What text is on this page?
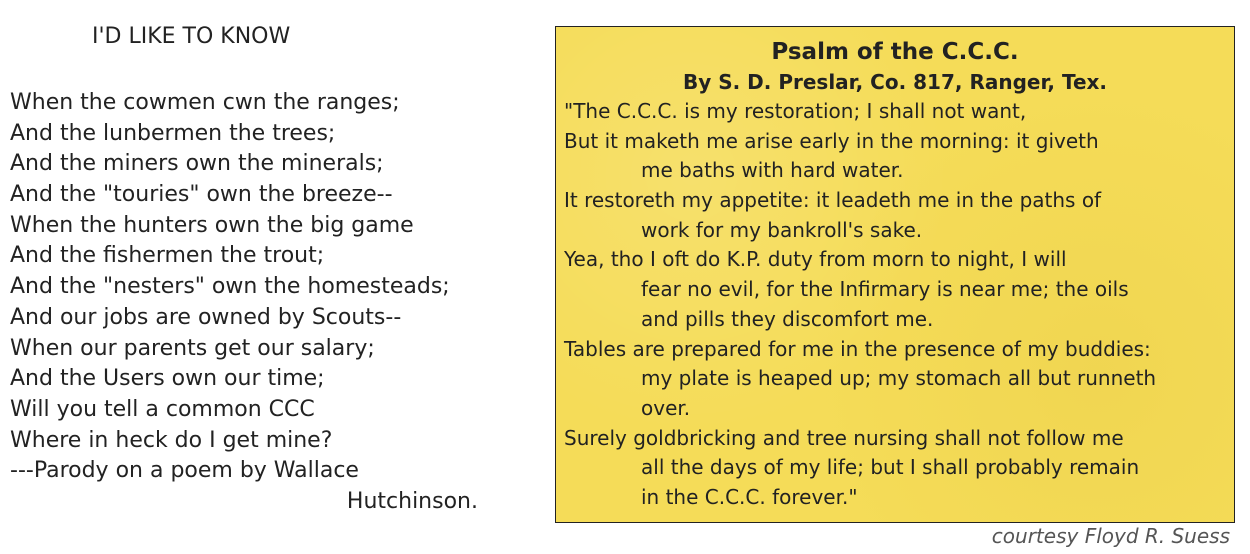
I'D LIKE TO KNOW
When the cowmen cwn the ranges;
And the lunbermen the trees;
And the miners own the minerals;
And the "touries" own the breeze--
When the hunters own the big game
And the fishermen the trout;
And the "nesters" own the homesteads;
And our jobs are owned by Scouts--
When our parents get our salary;
And the Users own our time;
Will you tell a common CCC
Where in heck do I get mine?
---Parody on a poem by Wallace
Hutchinson.
Psalm of the C.C.C.
By S. D. Preslar, Co. 817, Ranger, Tex.
"The C.C.C. is my restoration; I shall not want,
But it maketh me arise early in the morning: it giveth
me baths with hard water.
It restoreth my appetite: it leadeth me in the paths of
work for my bankroll's sake.
Yea, tho I oft do K.P. duty from morn to night, I will
fear no evil, for the Infirmary is near me; the oils
and pills they discomfort me.
Tables are prepared for me in the presence of my buddies:
my plate is heaped up; my stomach all but runneth
over.
Surely goldbricking and tree nursing shall not follow me
all the days of my life; but I shall probably remain
in the C.C.C. forever."
courtesy Floyd R. Suess
